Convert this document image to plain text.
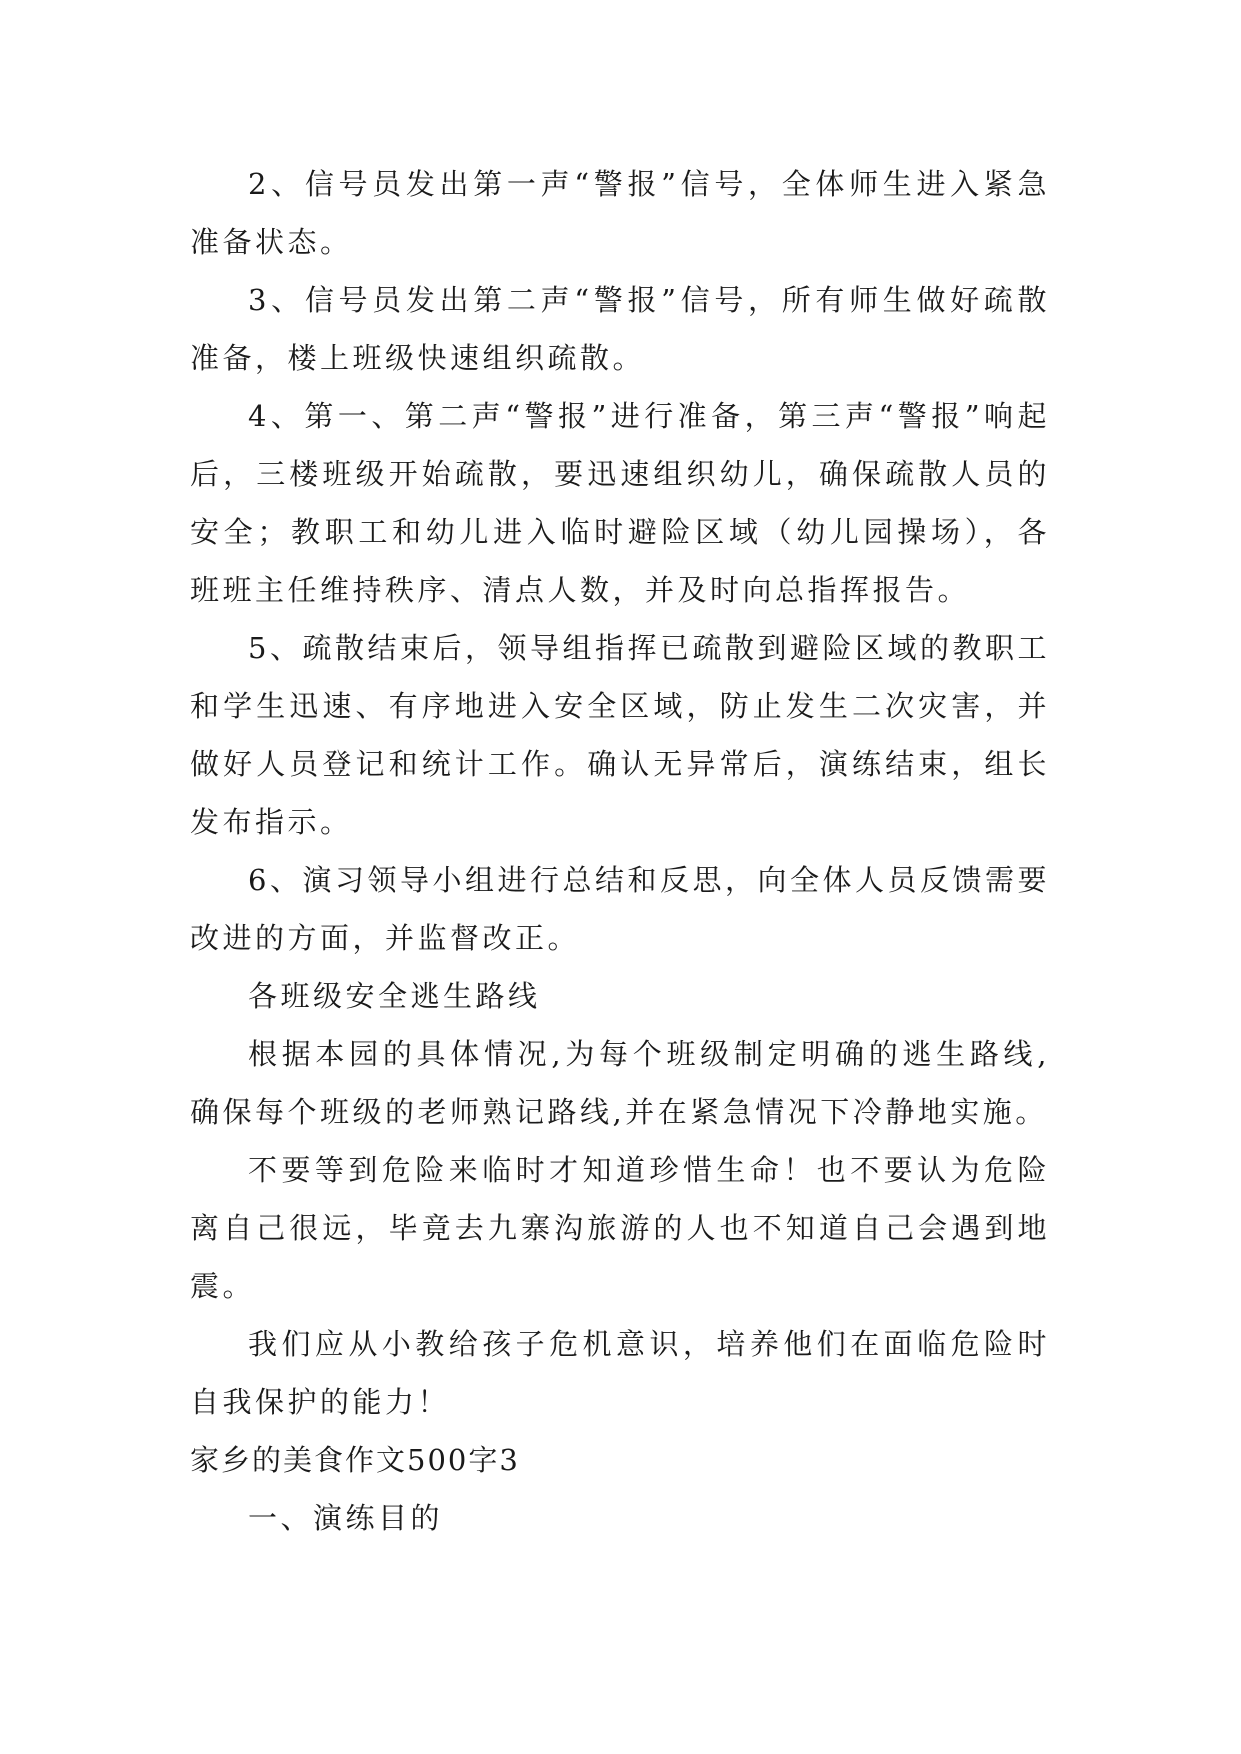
2、信号员发出第一声“警报”信号，全体师生进入紧急准备状态。

3、信号员发出第二声“警报”信号，所有师生做好疏散准备，楼上班级快速组织疏散。

4、第一、第二声“警报”进行准备，第三声“警报”响起后，三楼班级开始疏散，要迅速组织幼儿，确保疏散人员的安全；教职工和幼儿进入临时避险区域（幼儿园操场），各班班主任维持秩序、清点人数，并及时向总指挥报告。

5、疏散结束后，领导组指挥已疏散到避险区域的教职工和学生迅速、有序地进入安全区域，防止发生二次灾害，并做好人员登记和统计工作。确认无异常后，演练结束，组长发布指示。

6、演习领导小组进行总结和反思，向全体人员反馈需要改进的方面，并监督改正。

各班级安全逃生路线

根据本园的具体情况,为每个班级制定明确的逃生路线,确保每个班级的老师熟记路线,并在紧急情况下冷静地实施。

不要等到危险来临时才知道珍惜生命！也不要认为危险离自己很远，毕竟去九寨沟旅游的人也不知道自己会遇到地震。

我们应从小教给孩子危机意识，培养他们在面临危险时自我保护的能力！

家乡的美食作文500字3

一、演练目的
